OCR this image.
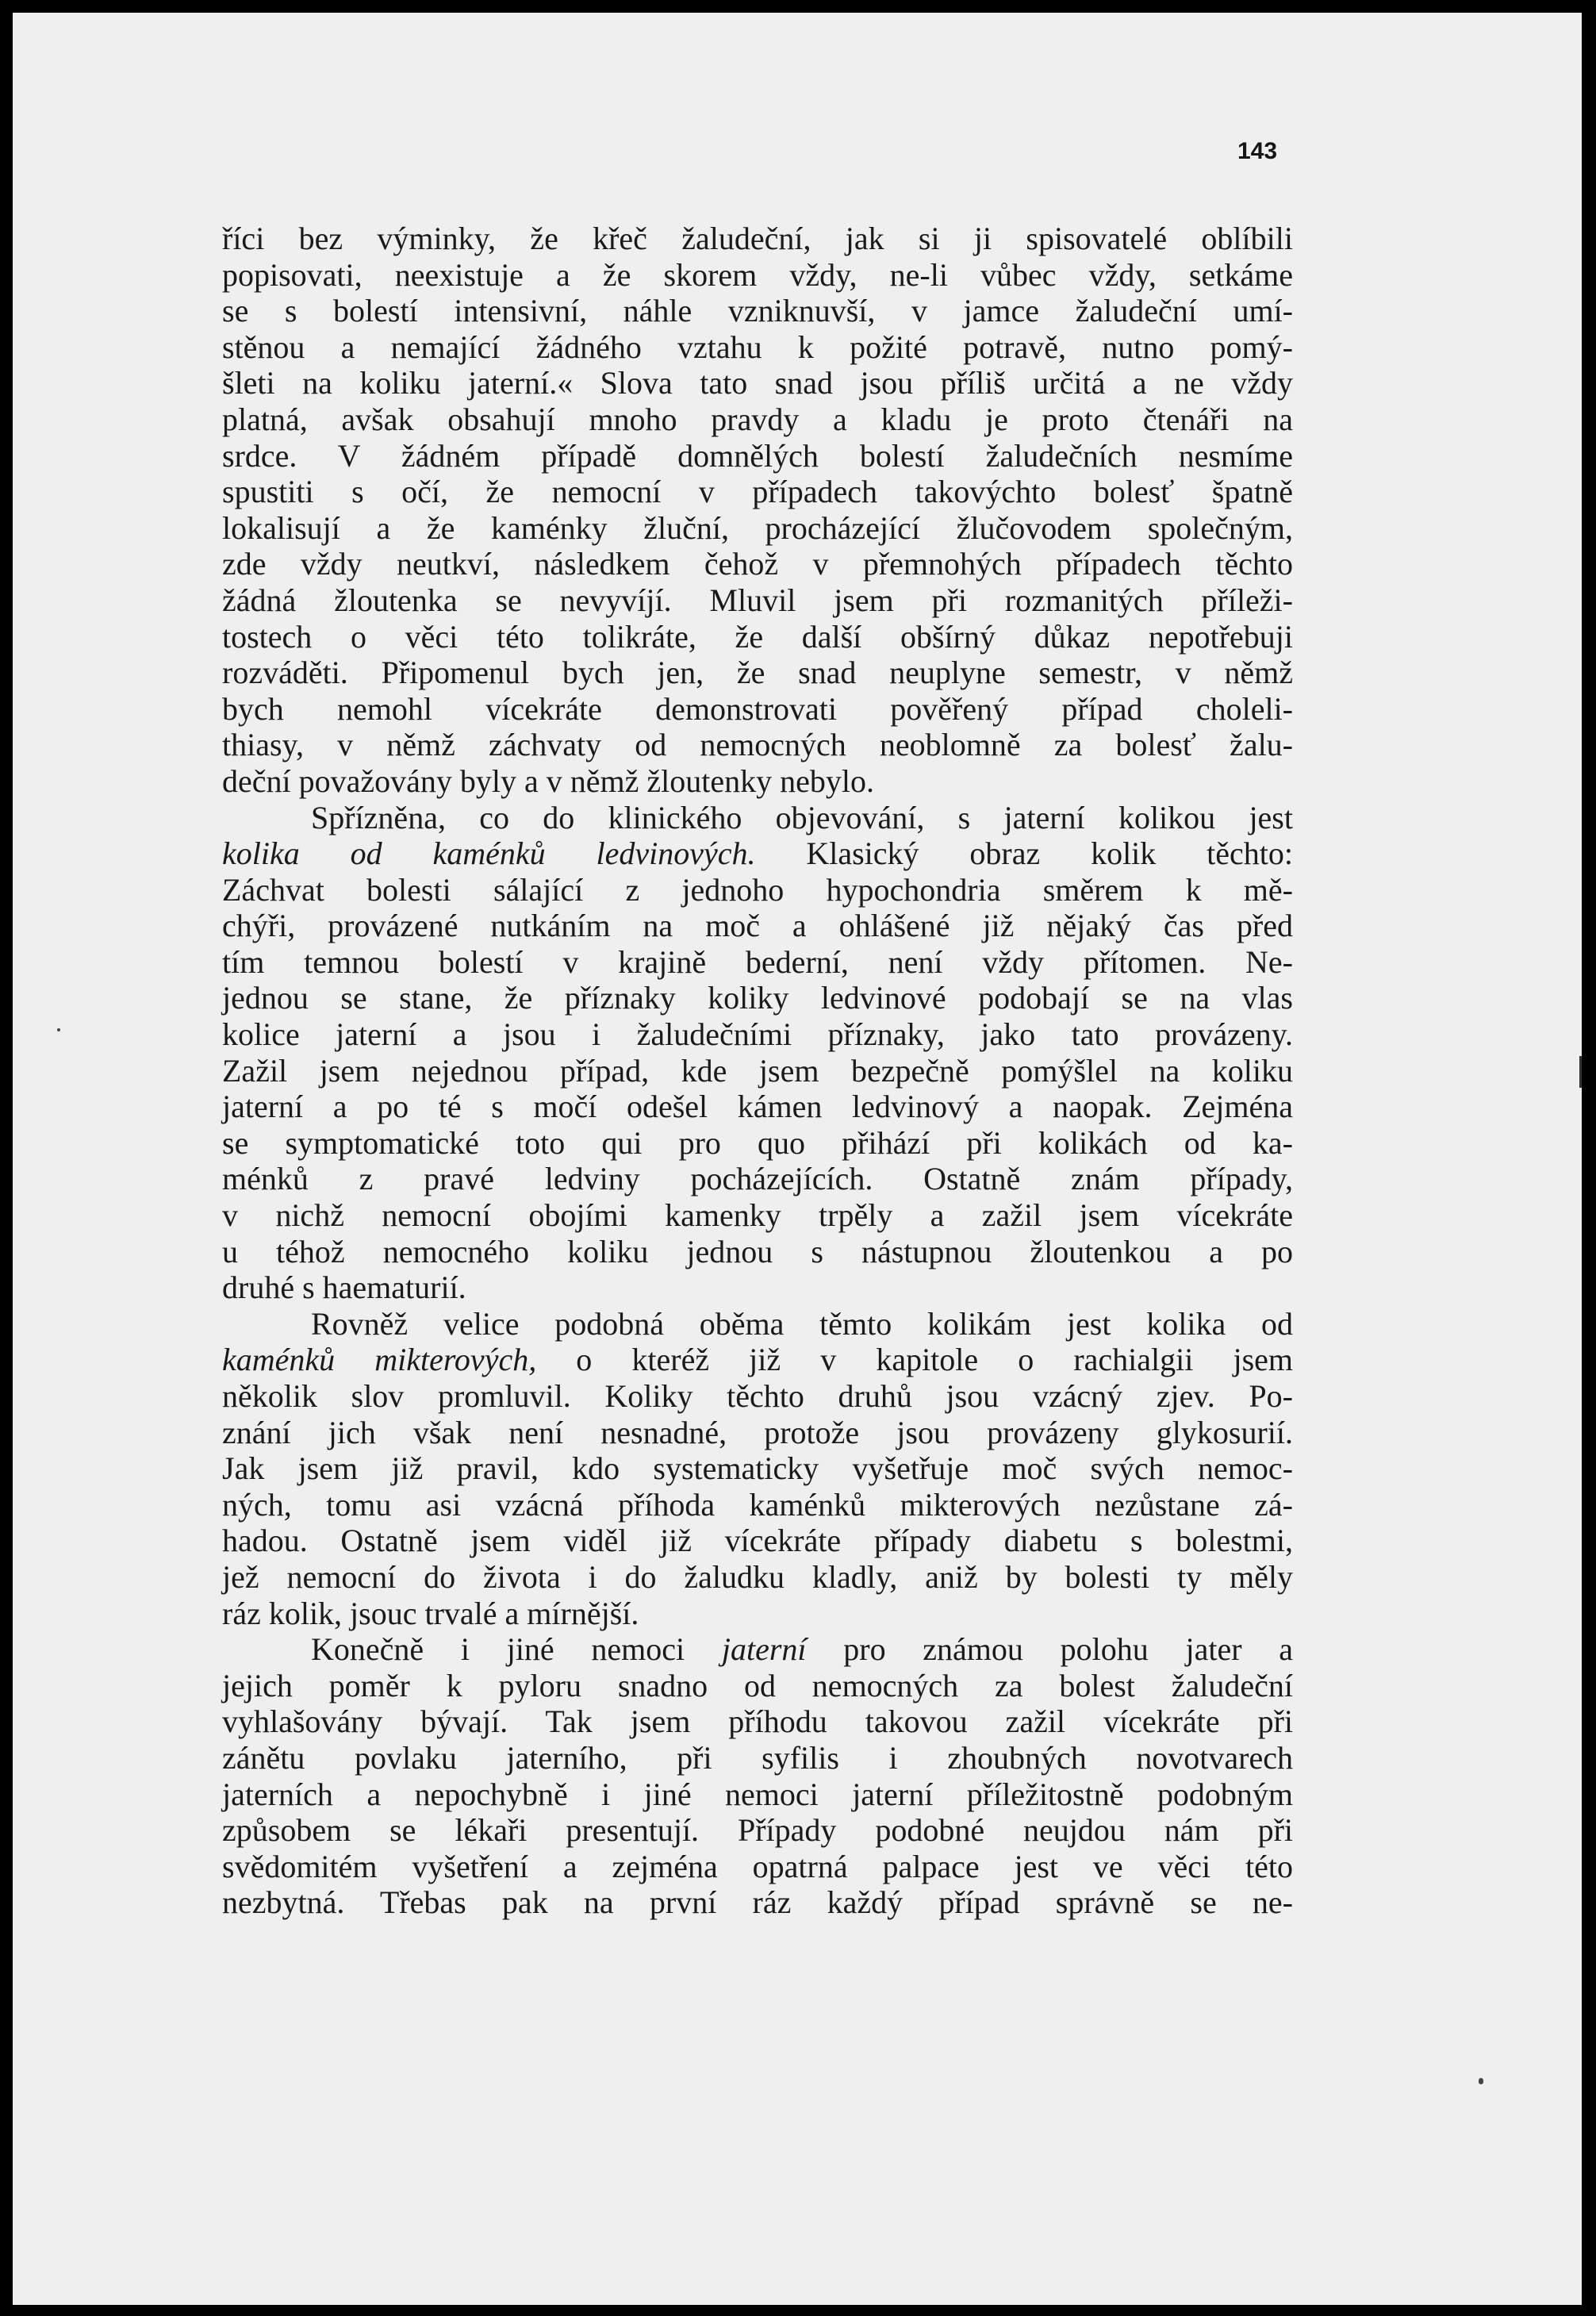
143
říci bez výminky, že křeč žaludeční, jak si ji spisovatelé oblíbili
popisovati, neexistuje a že skorem vždy, ne-li vůbec vždy, setkáme
se s bolestí intensivní, náhle vzniknuvší, v jamce žaludeční umí-
stěnou a nemající žádného vztahu k požité potravě, nutno pomý-
šleti na koliku jaterní.« Slova tato snad jsou příliš určitá a ne vždy
platná, avšak obsahují mnoho pravdy a kladu je proto čtenáři na
srdce. V žádném případě domnělých bolestí žaludečních nesmíme
spustiti s očí, že nemocní v případech takovýchto bolesť špatně
lokalisují a že kaménky žluční, procházející žlučovodem společným,
zde vždy neutkví, následkem čehož v přemnohých případech těchto
žádná žloutenka se nevyvíjí. Mluvil jsem při rozmanitých příleži-
tostech o věci této tolikráte, že další obšírný důkaz nepotřebuji
rozváděti. Připomenul bych jen, že snad neuplyne semestr, v němž
bych nemohl vícekráte demonstrovati pověřený případ choleli-
thiasy, v němž záchvaty od nemocných neoblomně za bolesť žalu-
deční považovány byly a v němž žloutenky nebylo.
Spřízněna, co do klinického objevování, s jaterní kolikou jest
kolika od kaménků ledvinových. Klasický obraz kolik těchto:
Záchvat bolesti sálající z jednoho hypochondria směrem k mě-
chýři, provázené nutkáním na moč a ohlášené již nějaký čas před
tím temnou bolestí v krajině bederní, není vždy přítomen. Ne-
jednou se stane, že příznaky koliky ledvinové podobají se na vlas
kolice jaterní a jsou i žaludečními příznaky, jako tato provázeny.
Zažil jsem nejednou případ, kde jsem bezpečně pomýšlel na koliku
jaterní a po té s močí odešel kámen ledvinový a naopak. Zejména
se symptomatické toto qui pro quo přihází při kolikách od ka-
ménků z pravé ledviny pocházejících. Ostatně znám případy,
v nichž nemocní obojími kamenky trpěly a zažil jsem vícekráte
u téhož nemocného koliku jednou s nástupnou žloutenkou a po
druhé s haematurií.
Rovněž velice podobná oběma těmto kolikám jest kolika od
kaménků mikterových, o kteréž již v kapitole o rachialgii jsem
několik slov promluvil. Koliky těchto druhů jsou vzácný zjev. Po-
znání jich však není nesnadné, protože jsou provázeny glykosurií.
Jak jsem již pravil, kdo systematicky vyšetřuje moč svých nemoc-
ných, tomu asi vzácná příhoda kaménků mikterových nezůstane zá-
hadou. Ostatně jsem viděl již vícekráte případy diabetu s bolestmi,
jež nemocní do života i do žaludku kladly, aniž by bolesti ty měly
ráz kolik, jsouc trvalé a mírnější.
Konečně i jiné nemoci jaterní pro známou polohu jater a
jejich poměr k pyloru snadno od nemocných za bolest žaludeční
vyhlašovány bývají. Tak jsem příhodu takovou zažil vícekráte při
zánětu povlaku jaterního, při syfilis i zhoubných novotvarech
jaterních a nepochybně i jiné nemoci jaterní příležitostně podobným
způsobem se lékaři presentují. Případy podobné neujdou nám při
svědomitém vyšetření a zejména opatrná palpace jest ve věci této
nezbytná. Třebas pak na první ráz každý případ správně se ne-
